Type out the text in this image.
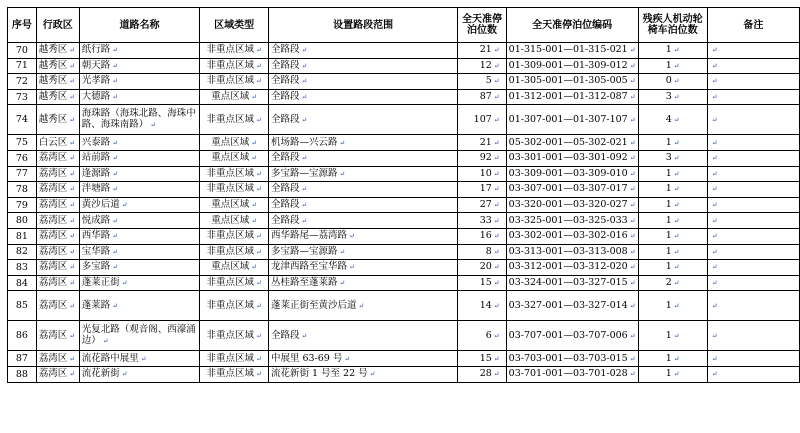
序号	行政区	道路名称	区域类型	设置路段范围	全天准停泊位数	全天准停泊位编码	残疾人机动轮椅车泊位数	备注
70	越秀区 ↵	纸行路 ↵	非重点区域 ↵	全路段 ↵	21 ↵	01-315-001—01-315-021 ↵	1 ↵	↵
71	越秀区 ↵	朝天路 ↵	非重点区域 ↵	全路段 ↵	12 ↵	01-309-001—01-309-012 ↵	1 ↵	↵
72	越秀区 ↵	光孝路 ↵	非重点区域 ↵	全路段 ↵	5 ↵	01-305-001—01-305-005 ↵	0 ↵	↵
73	越秀区 ↵	大德路 ↵	重点区域 ↵	全路段 ↵	87 ↵	01-312-001—01-312-087 ↵	3 ↵	↵
74	越秀区 ↵	海珠路（海珠北路、海珠中路、海珠南路） ↵	非重点区域 ↵	全路段 ↵	107 ↵	01-307-001—01-307-107 ↵	4 ↵	↵
75	白云区 ↵	兴泰路 ↵	重点区域 ↵	机场路—兴云路 ↵	21 ↵	05-302-001—05-302-021 ↵	1 ↵	↵
76	荔湾区 ↵	站前路 ↵	重点区域 ↵	全路段 ↵	92 ↵	03-301-001—03-301-092 ↵	3 ↵	↵
77	荔湾区 ↵	逢源路 ↵	非重点区域 ↵	多宝路—宝源路 ↵	10 ↵	03-309-001—03-309-010 ↵	1 ↵	↵
78	荔湾区 ↵	泮塘路 ↵	非重点区域 ↵	全路段 ↵	17 ↵	03-307-001—03-307-017 ↵	1 ↵	↵
79	荔湾区 ↵	黄沙后道 ↵	重点区域 ↵	全路段 ↵	27 ↵	03-320-001—03-320-027 ↵	1 ↵	↵
80	荔湾区 ↵	悦成路 ↵	重点区域 ↵	全路段 ↵	33 ↵	03-325-001—03-325-033 ↵	1 ↵	↵
81	荔湾区 ↵	西华路 ↵	非重点区域 ↵	西华路尾—荔湾路 ↵	16 ↵	03-302-001—03-302-016 ↵	1 ↵	↵
82	荔湾区 ↵	宝华路 ↵	非重点区域 ↵	多宝路—宝源路 ↵	8 ↵	03-313-001—03-313-008 ↵	1 ↵	↵
83	荔湾区 ↵	多宝路 ↵	重点区域 ↵	龙津西路至宝华路 ↵	20 ↵	03-312-001—03-312-020 ↵	1 ↵	↵
84	荔湾区 ↵	蓬莱正街 ↵	非重点区域 ↵	丛桂路至蓬莱路 ↵	15 ↵	03-324-001—03-327-015 ↵	2 ↵	↵
85	荔湾区 ↵	蓬莱路 ↵	非重点区域 ↵	蓬莱正街至黄沙后道 ↵	14 ↵	03-327-001—03-327-014 ↵	1 ↵	↵
86	荔湾区 ↵	光复北路（观音阁、西濠涌边） ↵	非重点区域 ↵	全路段 ↵	6 ↵	03-707-001—03-707-006 ↵	1 ↵	↵
87	荔湾区 ↵	流花路中展里 ↵	非重点区域 ↵	中展里 63-69 号 ↵	15 ↵	03-703-001—03-703-015 ↵	1 ↵	↵
88	荔湾区 ↵	流花新街 ↵	非重点区域 ↵	流花新街 1 号至 22 号 ↵	28 ↵	03-701-001—03-701-028 ↵	1 ↵	↵
